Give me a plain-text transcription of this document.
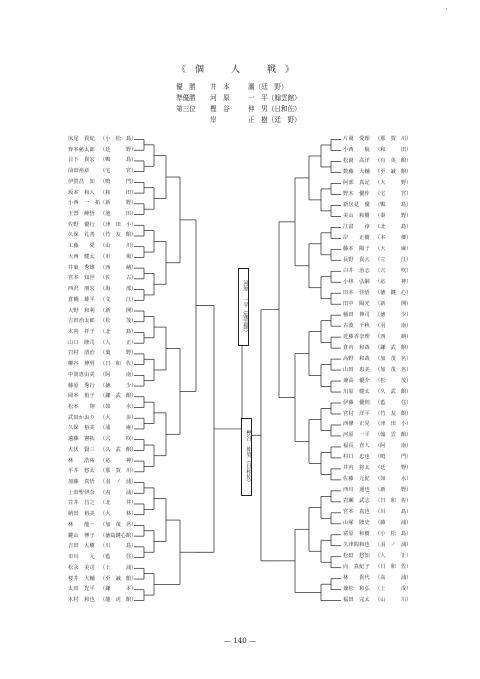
・
《個　人　戦》
優　勝	井　本	潮（廷　野）
準優勝	河　原	一　平（翰雲館）
第三位	樫　谷	伸　男（日和佐）
岸	正　樹（廷　野）
床尾　貴紀 （小　松　島）
齊本慈太郎 （廷　　　野）
目下　貴宏 （鴨　　　島）
前田裕章 （宅　　　宮）
伊賀昌　知 （鳴　　　門）
坂本　和人 （和　　　田）
小西　一　拓（新　　　野）
玉置　紳悟 （池　　　田）
佐野　優行 （津　田　小）
久保　礼善 （竹　友　館）
工藤　　愛 （山　　　川）
大西　健太 （市　　　場）
井東　秀雄 （西　　　納）
宮本　知世 （佐　　　古）
西沢　朋宏 （海　　　部）
倉橋　雄平 （文　　　江）
大野　和利 （新　　　開）
吉田治太郎 （松　　　茂）
木内　祥子 （北　　　島）
山口　隆司 （人　　　正）
岩村　清治 （羹　　　野）
柳谷　伸男 （日　和　佐）
中筒恵由美 （阿　　　南）
藤原　秀行 （徳　　　少）
岡本　侑子 （鎌　武　館）
松本　　翔 （如　　　水）
武田かおり （大　　　歩）
久保　裕美 （浦　　　庵）
遠藤　憲拓 （穴　　　吹）
犬伏　賢三 （久　武　館）
林　　浩祐 （応　　　神）
平井　悠太 （那　賀　川）
加藤　真悟 （羽　ノ　浦）
上田聖伊奈 （内　　　浦）
笠井　昌之 （北　　　井）
納田　裕美 （大　　　林）
林　　龍一 （加　茂　名）
鍵山　博子 （徳島鍵心館）
吉田　大樹 （川　　　島）
市川　　元 （藍　　　住）
松永　美司 （上　　　浦）
桜井　大輔 （至　誠　館）
太田　光平 （鎌　　　本）
木村　和也 （龍　虎　館）
片岡　愛理 （那　賀　川）
小西　　航 （和　　　田）
松岡　高洋 （有　英　館）
数藤　大輔 （至　誠　館）
阿部　真記 （大　　　野）
野木　優作 （宅　　　宮）
新居見　優 （鴨　　　島）
美山　和樹 （秦　　　野）
江富　　淳 （北　　　島）
岸　　正樹 （本　　　郷）
藤本　陽子 （大　　　麻）
長野　貴大 （立　　　江）
白井　治志 （穴　　　吹）
小林　弘嗣 （応　　　神）
田本　佳悟 （徳　鍵　心）
田中　陽光 （新　　　開）
稲田　伸司 （徳　　　少）
古波　千秋 （羽　　　南）
近藤香奈理 （西　　　納）
倉内　和哉 （鎌　武　館）
高野　和哉 （加　茂　名）
山田　恵美 （加　茂　名）
兼高　優介 （松　　　茂）
川原　健太 （久　武　館）
伊藤　優則 （藍　　　住）
宮村　洋平 （竹　友　館）
西條　正晃 （津　田　小）
河原　一平 （翰　雲　館）
福長　直人 （阿　　　南）
村口　忠也 （鳴　　　門）
井内　将太 （廷　　　野）
佐藤　元紀 （如　　　水）
西川　通也 （新　　　野）
岩瀬　武志 （日　和　佐）
宮本　真也 （川　　　島）
山塚　隆史 （藤　　　浦）
富原　和樹 （小　松　島）
久津間和也 （羽　ノ　浦）
松田　悠知 （人　　　正）
向　真紀子 （日　和　佐）
林　　貴代 （高　　　浦）
兼松　和弘 （上　　　成）
福田　完太 （山　　　川）
樫谷　伸男（日和佐）
河原　一平（翰雲館）
— 140 —
